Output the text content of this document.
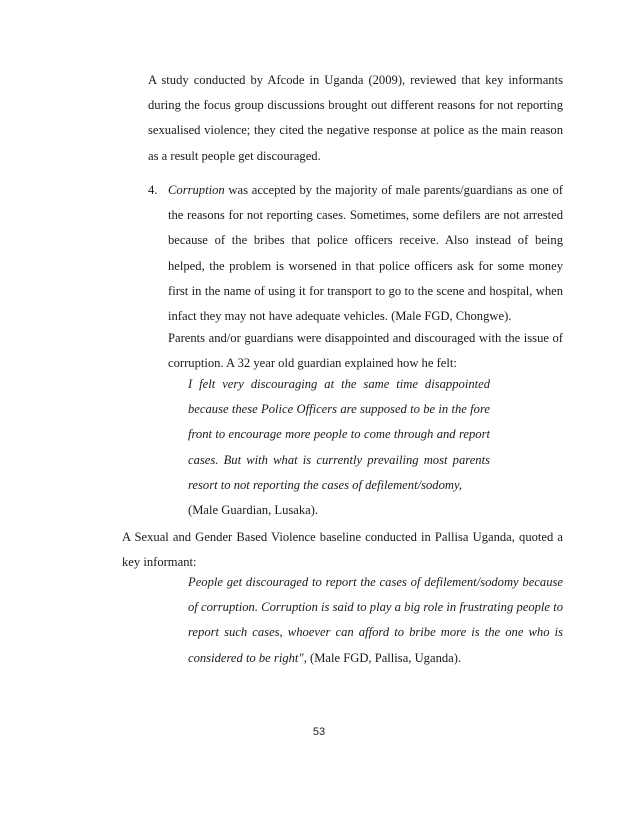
A study conducted by Afcode in Uganda (2009), reviewed that key informants during the focus group discussions brought out different reasons for not reporting sexualised violence; they cited the negative response at police as the main reason as a result people get discouraged.

4. Corruption was accepted by the majority of male parents/guardians as one of the reasons for not reporting cases. Sometimes, some defilers are not arrested because of the bribes that police officers receive. Also instead of being helped, the problem is worsened in that police officers ask for some money first in the name of using it for transport to go to the scene and hospital, when infact they may not have adequate vehicles. (Male FGD, Chongwe).

Parents and/or guardians were disappointed and discouraged with the issue of corruption. A 32 year old guardian explained how he felt:

I felt very discouraging at the same time disappointed because these Police Officers are supposed to be in the fore front to encourage more people to come through and report cases. But with what is currently prevailing most parents resort to not reporting the cases of defilement/sodomy,
(Male Guardian, Lusaka).

A Sexual and Gender Based Violence baseline conducted in Pallisa Uganda, quoted a key informant:

People get discouraged to report the cases of defilement/sodomy because of corruption. Corruption is said to play a big role in frustrating people to report such cases, whoever can afford to bribe more is the one who is considered to be right", (Male FGD, Pallisa, Uganda).

53
